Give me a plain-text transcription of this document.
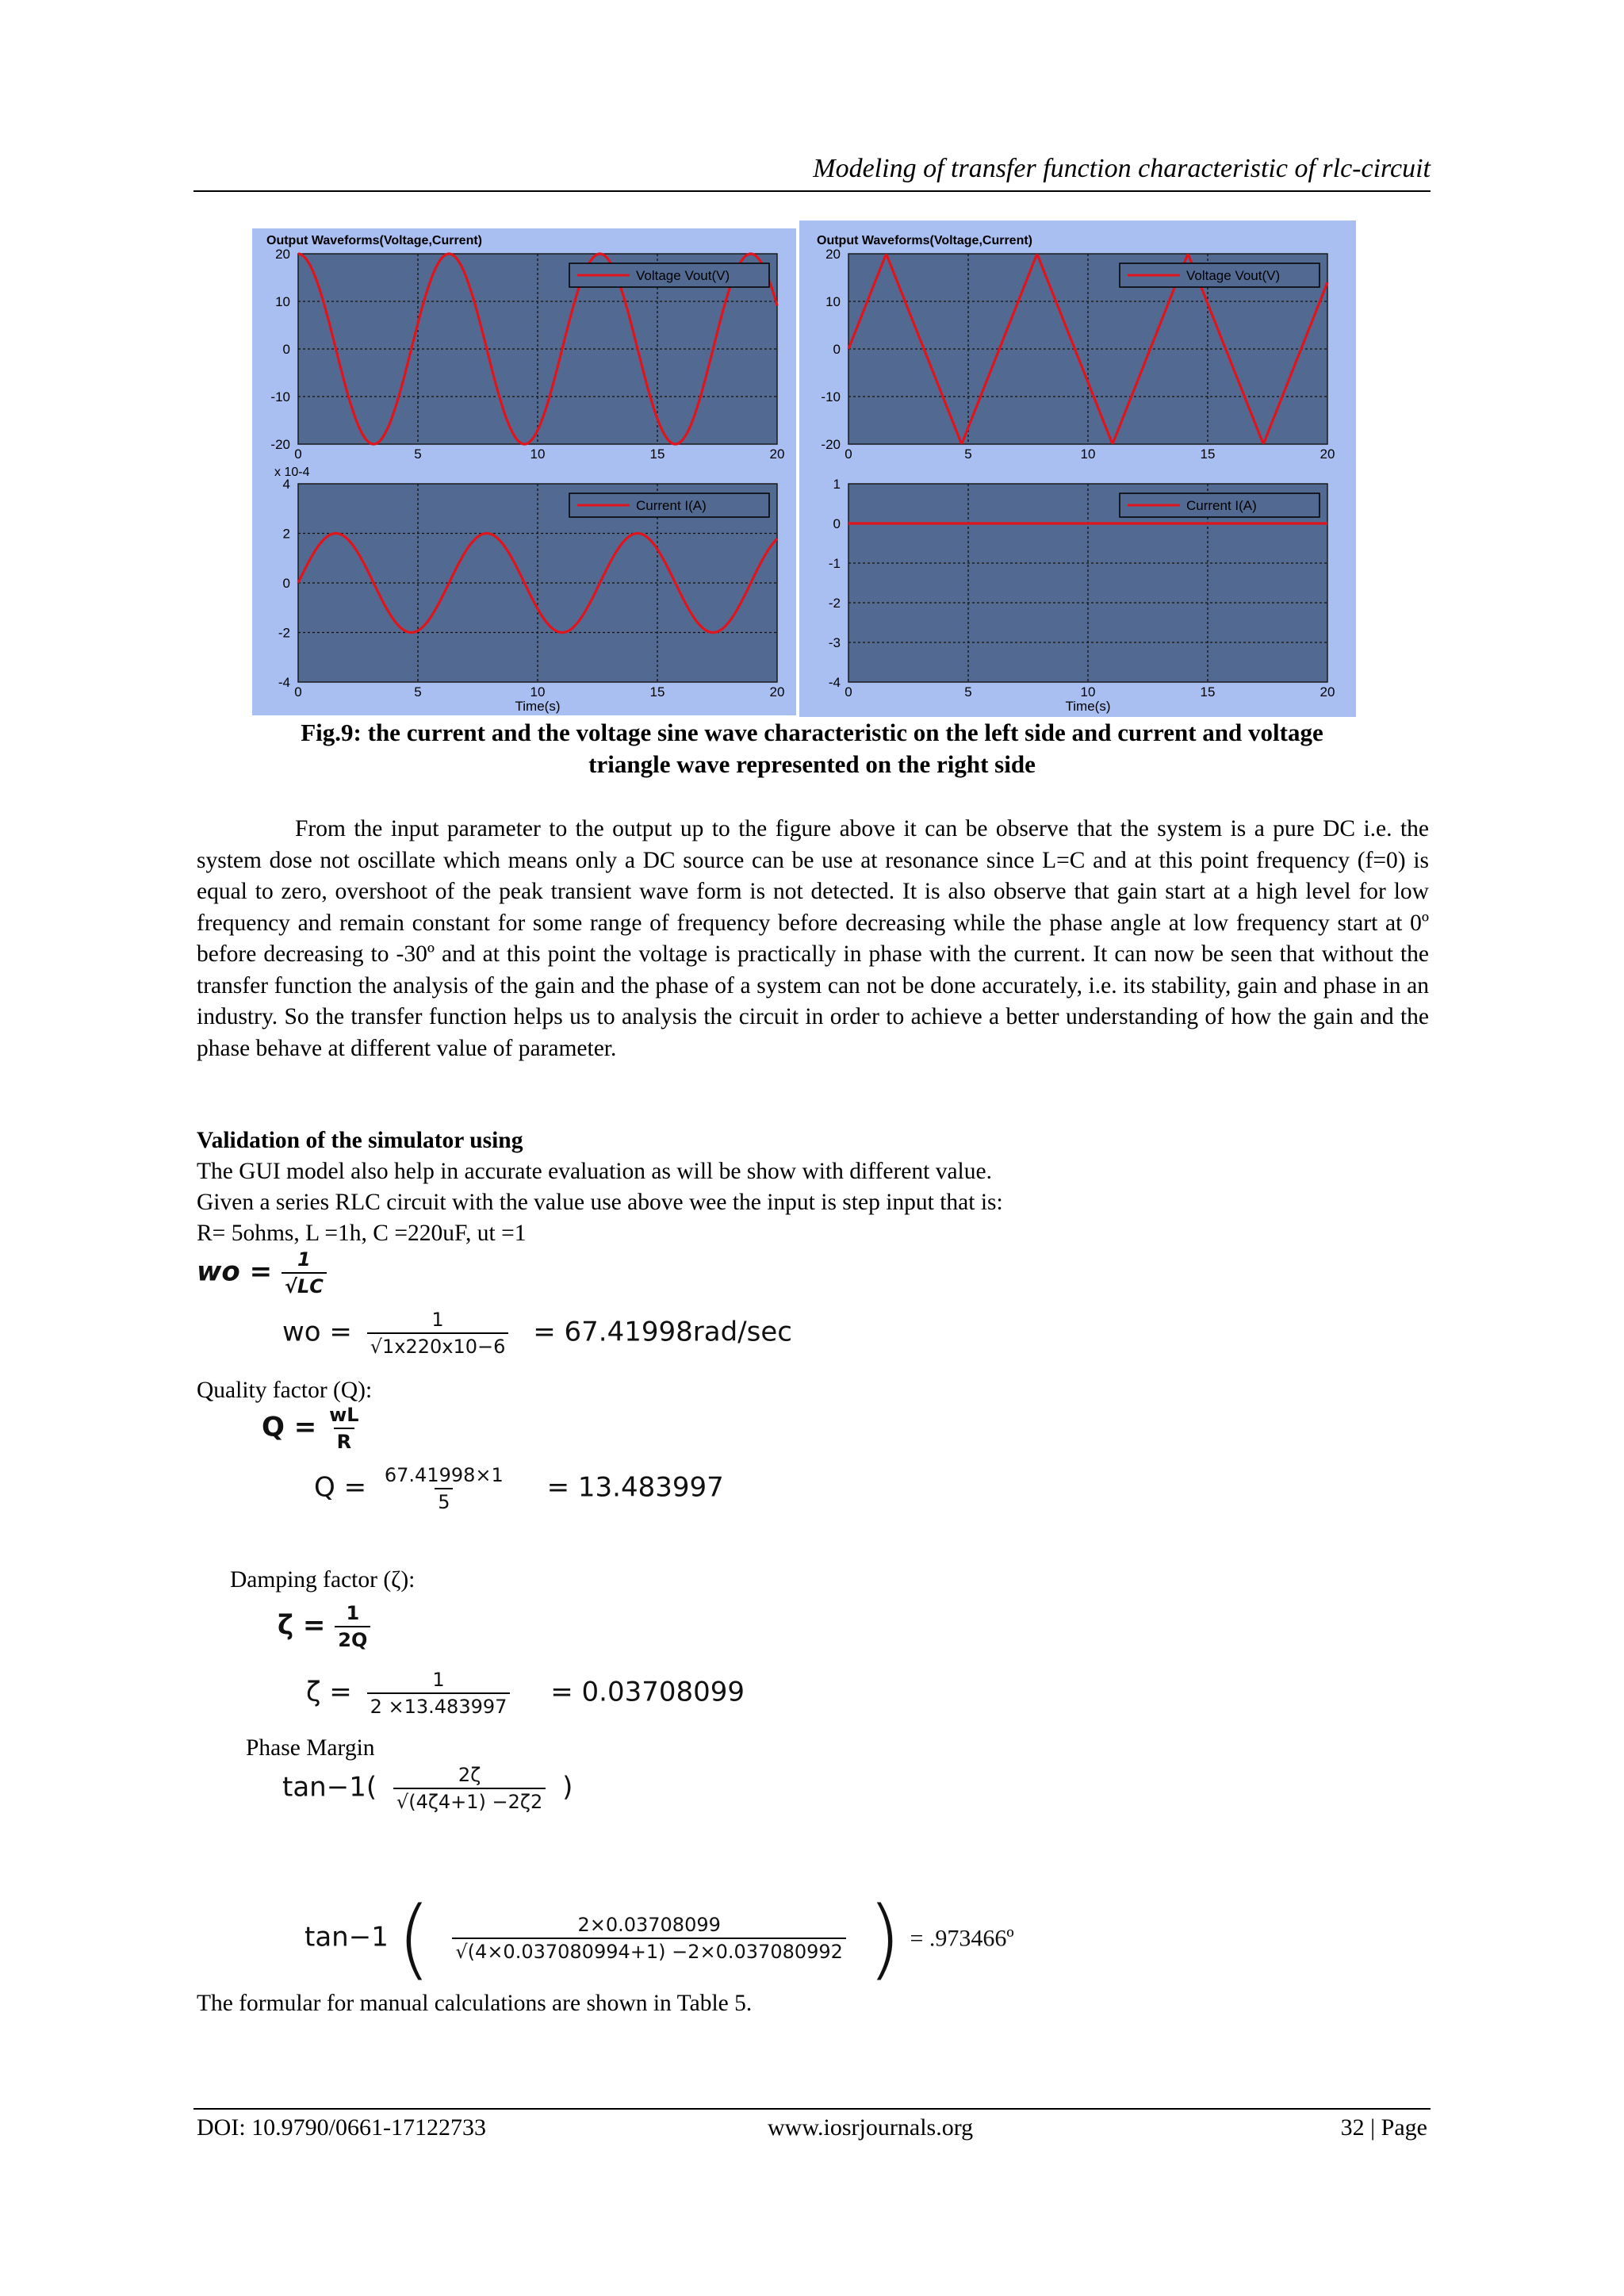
Modeling of transfer function characteristic of rlc-circuit
Output Waveforms(Voltage,Current)
0	5	10	15	20
20
10
0
-10
-20
Voltage Vout(V)
0	5	10	15	20
4
2
0
-2
-4
x 10-4
Time(s)
Current I(A)
Output Waveforms(Voltage,Current)
0	5	10	15	20
20
10
0
-10
-20
Voltage Vout(V)
0	5	10	15	20
1
0
-1
-2
-3
-4
Time(s)
Current I(A)
Fig.9: the current and the voltage sine wave characteristic on the left side and current and voltage
triangle wave represented on the right side

From the input parameter to the output up to the figure above it can be observe that the system is a pure DC i.e. the system dose not oscillate which means only a DC source can be use at resonance since L=C and at this point frequency (f=0) is equal to zero, overshoot of the peak transient wave form is not detected. It is also observe that gain start at a high level for low frequency and remain constant for some range of frequency before decreasing while the phase angle at low frequency start at 0º before decreasing to -30º and at this point the voltage is practically in phase with the current. It can now be seen that without the transfer function the analysis of the gain and the phase of a system can not be done accurately, i.e. its stability, gain and phase in an industry. So the transfer function helps us to analysis the circuit in order to achieve a better understanding of how the gain and the phase behave at different value of parameter.

Validation of the simulator using
The GUI model also help in accurate evaluation as will be show with different value.
Given a series RLC circuit with the value use above wee the input is step input that is:
R= 5ohms, L =1h, C =220uF, ut =1
wo = $\frac{1}{√LC}$
wo = $\frac{1}{√1x220x10-6} = 67.41998rad/\sec$
Quality factor (Q):
$Q = \frac{wL}{R}$
$Q = \frac{67.41998\times 1}{5} = 13.483997$
Damping factor (ζ):
$\zeta = \frac{1}{2Q}$
$\zeta = \frac{1}{2 \times 13.483997} = 0.03708099$
Phase Margin
$\tan-1( \frac{2\zeta}{√(4\zeta 4+1) -2\zeta 2}$ )
tan−1 ( $\frac{2\times 0.03708099}{√(4\times 0.037080994+1) -2\times 0.037080992}$ ) = .973466º
The formular for manual calculations are shown in Table 5.
DOI: 10.9790/0661-17122733	www.iosrjournals.org	32 | Page
